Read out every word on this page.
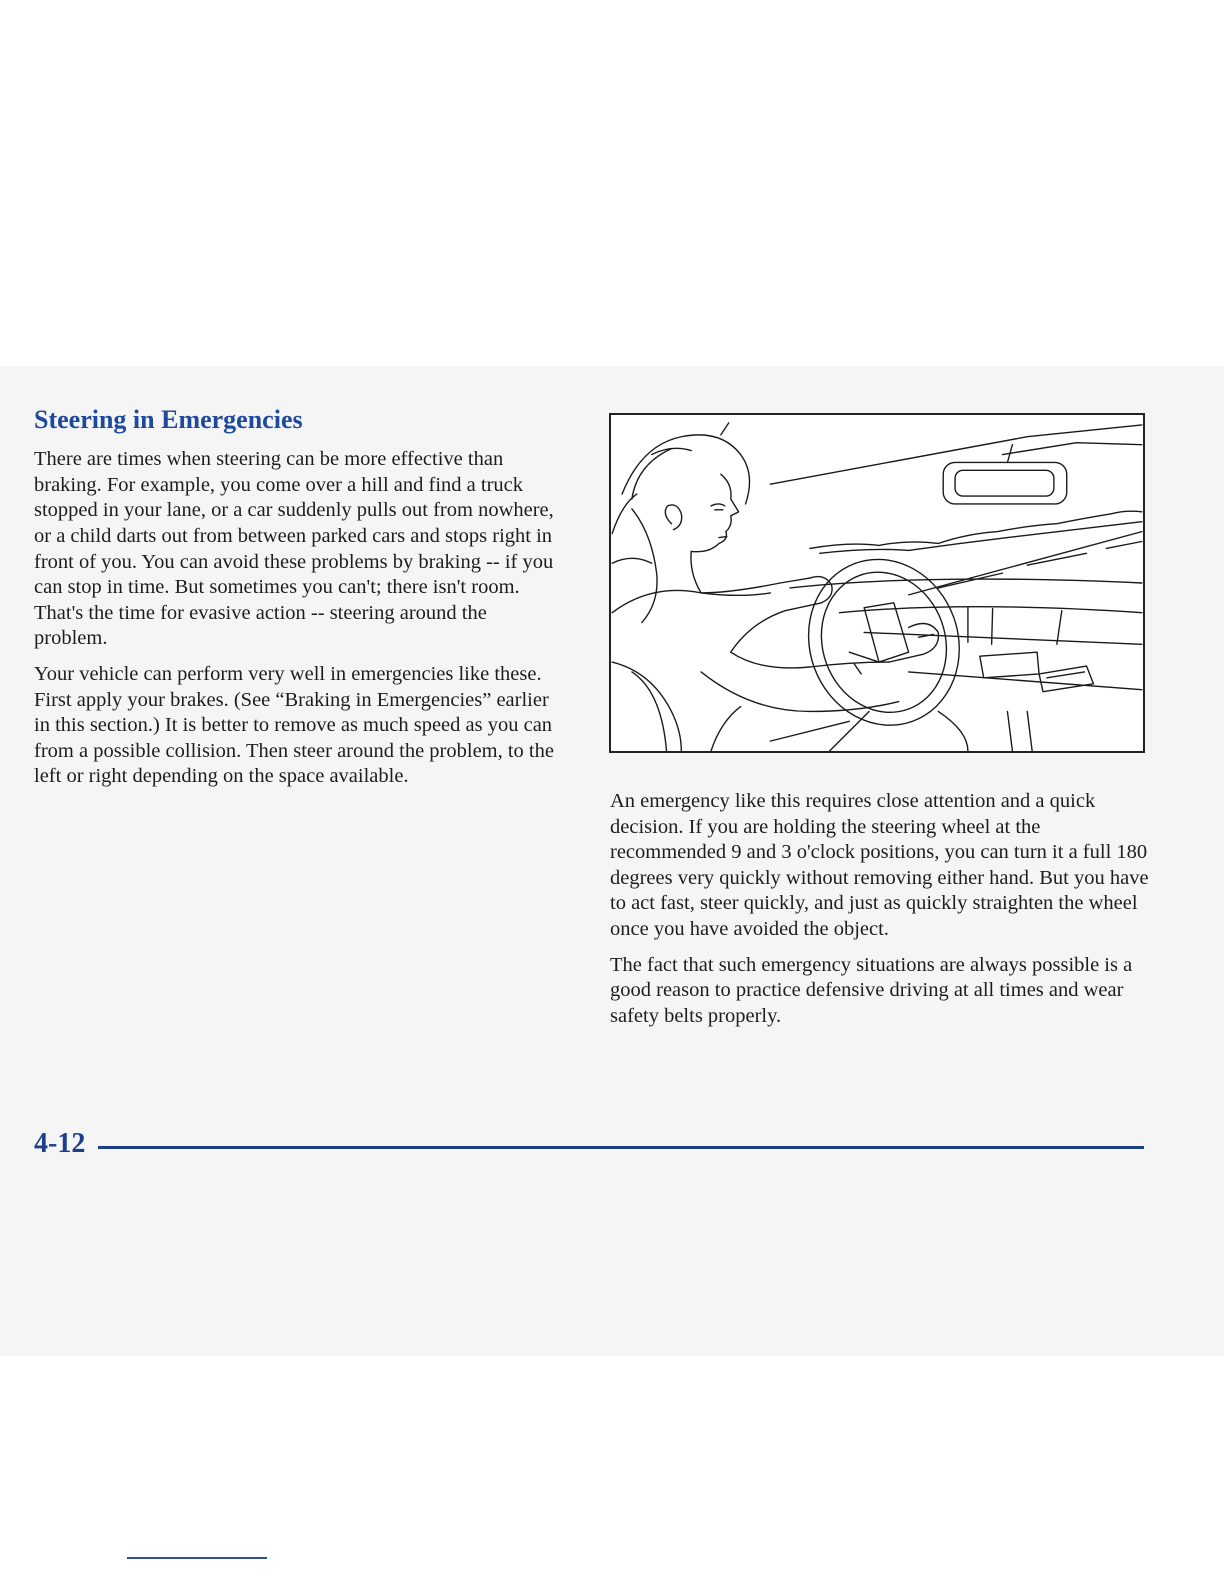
Steering in Emergencies

There are times when steering can be more effective than braking. For example, you come over a hill and find a truck stopped in your lane, or a car suddenly pulls out from nowhere, or a child darts out from between parked cars and stops right in front of you. You can avoid these problems by braking -- if you can stop in time. But sometimes you can't; there isn't room. That's the time for evasive action -- steering around the problem.

Your vehicle can perform very well in emergencies like these. First apply your brakes. (See “Braking in Emergencies” earlier in this section.) It is better to remove as much speed as you can from a possible collision. Then steer around the problem, to the left or right depending on the space available.

An emergency like this requires close attention and a quick decision. If you are holding the steering wheel at the recommended 9 and 3 o'clock positions, you can turn it a full 180 degrees very quickly without removing either hand. But you have to act fast, steer quickly, and just as quickly straighten the wheel once you have avoided the object.

The fact that such emergency situations are always possible is a good reason to practice defensive driving at all times and wear safety belts properly.

4-12
